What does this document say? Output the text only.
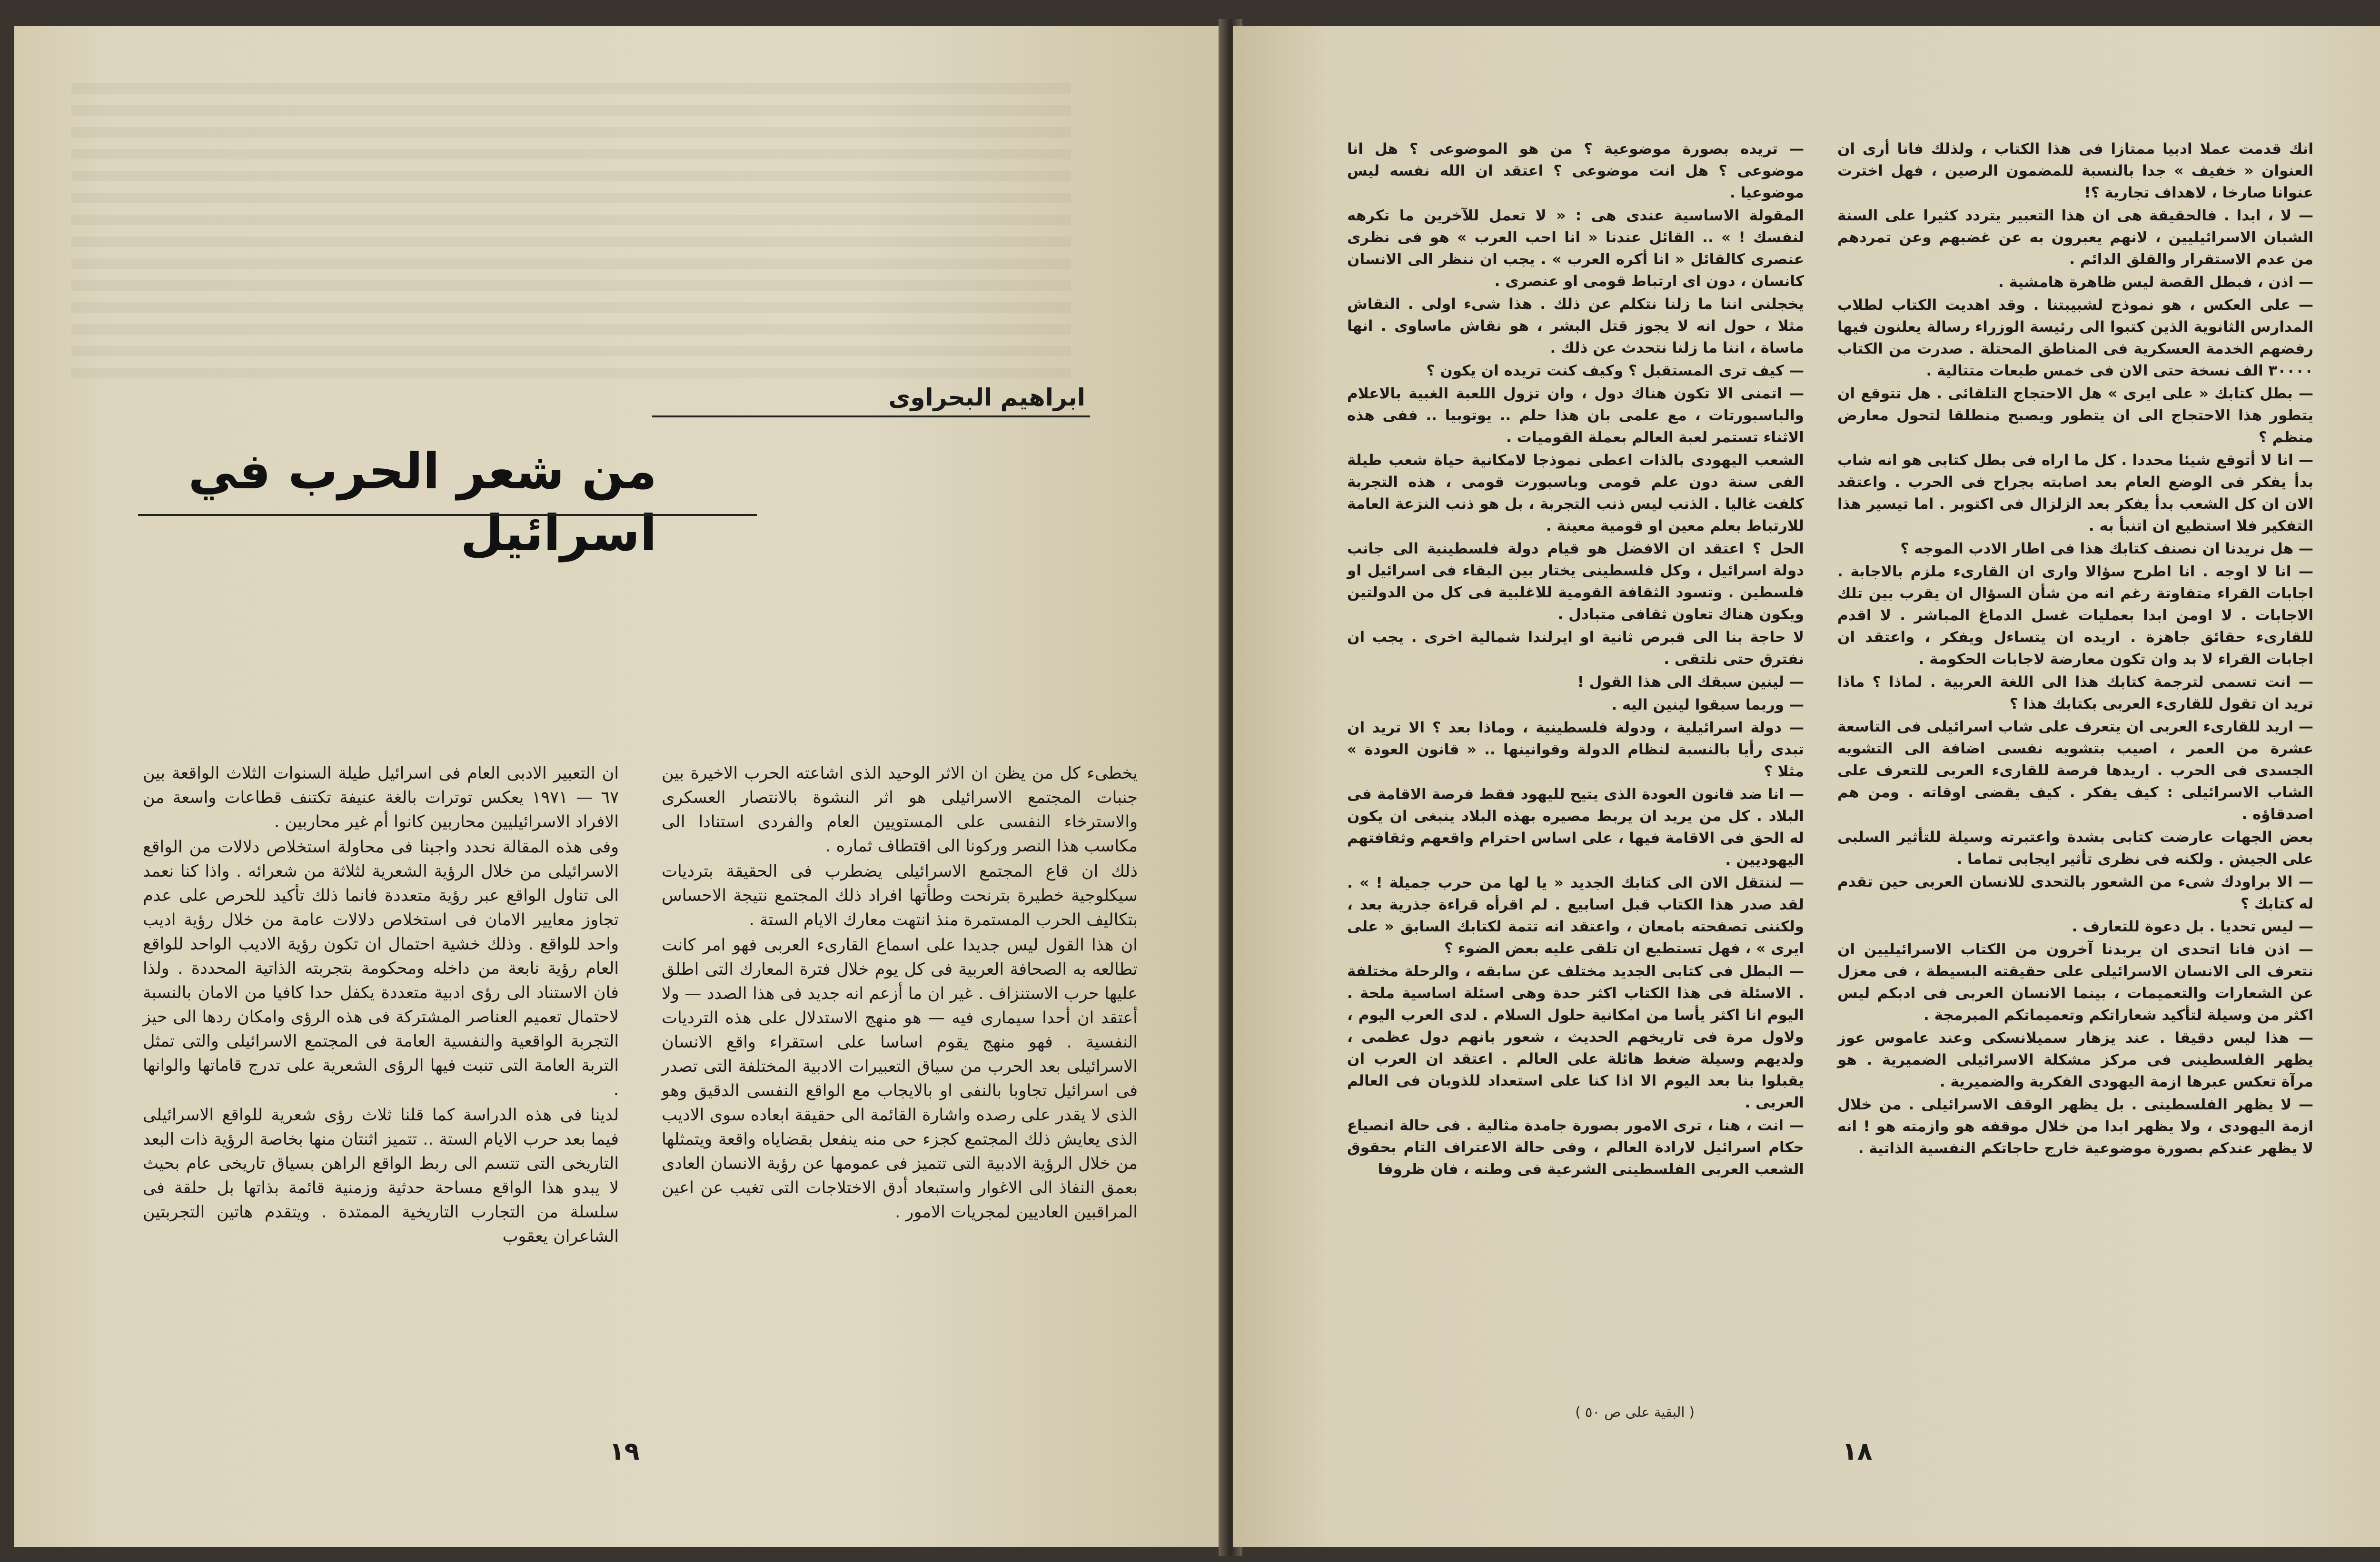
ابراهيم البحراوى
من شعر الحرب في اسرائيل

يخطىء كل من يظن ان الاثر الوحيد الذى اشاعته الحرب الاخيرة بين جنبات المجتمع الاسرائيلى هو اثر النشوة بالانتصار العسكرى والاسترخاء النفسى على المستويين العام والفردى استنادا الى مكاسب هذا النصر وركونا الى اقتطاف ثماره .

ذلك ان قاع المجتمع الاسرائيلى يضطرب فى الحقيقة بترديات سيكلوجية خطيرة بترنحت وطأتها افراد ذلك المجتمع نتيجة الاحساس بتكاليف الحرب المستمرة منذ انتهت معارك الايام الستة .

ان هذا القول ليس جديدا على اسماع القارىء العربى فهو امر كانت تطالعه به الصحافة العربية فى كل يوم خلال فترة المعارك التى اطلق عليها حرب الاستنزاف . غير ان ما أزعم انه جديد فى هذا الصدد — ولا أعتقد ان أحدا سيمارى فيه — هو منهج الاستدلال على هذه الترديات النفسية . فهو منهج يقوم اساسا على استقراء واقع الانسان الاسرائيلى بعد الحرب من سياق التعبيرات الادبية المختلفة التى تصدر فى اسرائيل تجاوبا بالنفى او بالايجاب مع الواقع النفسى الدقيق وهو الذى لا يقدر على رصده واشارة القائمة الى حقيقة ابعاده سوى الاديب الذى يعايش ذلك المجتمع كجزء حى منه ينفعل بقضاياه واقعة ويتمثلها من خلال الرؤية الادبية التى تتميز فى عمومها عن رؤية الانسان العادى بعمق النفاذ الى الاغوار واستبعاد أدق الاختلاجات التى تغيب عن اعين المراقبين العاديين لمجريات الامور .

ان التعبير الادبى العام فى اسرائيل طيلة السنوات الثلاث الواقعة بين ٦٧ — ١٩٧١ يعكس توترات بالغة عنيفة تكتنف قطاعات واسعة من الافراد الاسرائيليين محاربين كانوا أم غير محاربين .

وفى هذه المقالة نحدد واجبنا فى محاولة استخلاص دلالات من الواقع الاسرائيلى من خلال الرؤية الشعرية لثلاثة من شعرائه . واذا كنا نعمد الى تناول الواقع عبر رؤية متعددة فانما ذلك تأكيد للحرص على عدم تجاوز معايير الامان فى استخلاص دلالات عامة من خلال رؤية اديب واحد للواقع . وذلك خشية احتمال ان تكون رؤية الاديب الواحد للواقع العام رؤية نابعة من داخله ومحكومة بتجربته الذاتية المحددة . ولذا فان الاستناد الى رؤى ادبية متعددة يكفل حدا كافيا من الامان بالنسبة لاحتمال تعميم العناصر المشتركة فى هذه الرؤى وامكان ردها الى حيز التجربة الواقعية والنفسية العامة فى المجتمع الاسرائيلى والتى تمثل التربة العامة التى تنبت فيها الرؤى الشعرية على تدرج قاماتها والوانها .

لدينا فى هذه الدراسة كما قلنا ثلاث رؤى شعرية للواقع الاسرائيلى فيما بعد حرب الايام الستة .. تتميز اثنتان منها بخاصة الرؤية ذات البعد التاريخى التى تتسم الى ربط الواقع الراهن بسياق تاريخى عام بحيث لا يبدو هذا الواقع مساحة حدثية وزمنية قائمة بذاتها بل حلقة فى سلسلة من التجارب التاريخية الممتدة . ويتقدم هاتين التجربتين الشاعران يعقوب

١٩

انك قدمت عملا ادبيا ممتازا فى هذا الكتاب ، ولذلك فانا أرى ان العنوان « خفيف » جدا بالنسبة للمضمون الرصين ، فهل اخترت عنوانا صارخا ، لاهداف تجارية ؟!

— لا ، ابدا . فالحقيقة هى ان هذا التعبير يتردد كثيرا على السنة الشبان الاسرائيليين ، لانهم يعبرون به عن غضبهم وعن تمردهم من عدم الاستقرار والقلق الدائم .

— اذن ، فبطل القصة ليس ظاهرة هامشية .

— على العكس ، هو نموذج لشبيبتنا . وقد اهديت الكتاب لطلاب المدارس الثانوية الذين كتبوا الى رئيسة الوزراء رسالة يعلنون فيها رفضهم الخدمة العسكرية فى المناطق المحتلة . صدرت من الكتاب ٣٠٠٠٠ الف نسخة حتى الان فى خمس طبعات متتالية .

— بطل كتابك « على ايرى » هل الاحتجاج التلقائى . هل تتوقع ان يتطور هذا الاحتجاج الى ان يتطور ويصبح منطلقا لتحول معارض منظم ؟

— انا لا أتوقع شيئا محددا . كل ما اراه فى بطل كتابى هو انه شاب بدأ يفكر فى الوضع العام بعد اصابته بجراح فى الحرب . واعتقد الان ان كل الشعب بدأ يفكر بعد الزلزال فى اكتوبر . اما تيسير هذا التفكير فلا استطيع ان اتنبأ به .

— هل نريدنا ان نصنف كتابك هذا فى اطار الادب الموجه ؟

— انا لا اوجه . انا اطرح سؤالا وارى ان القارىء ملزم بالاجابة . اجابات القراء متفاوتة رغم انه من شأن السؤال ان يقرب بين تلك الاجابات . لا اومن ابدا بعمليات غسل الدماغ المباشر . لا اقدم للقارىء حقائق جاهزة . اريده ان يتساءل ويفكر ، واعتقد ان اجابات القراء لا بد وان تكون معارضة لاجابات الحكومة .

— انت تسمى لترجمة كتابك هذا الى اللغة العربية . لماذا ؟ ماذا تريد ان تقول للقارىء العربى بكتابك هذا ؟

— اريد للقارىء العربى ان يتعرف على شاب اسرائيلى فى التاسعة عشرة من العمر ، اصيب بتشويه نفسى اضافة الى التشويه الجسدى فى الحرب . اريدها فرصة للقارىء العربى للتعرف على الشاب الاسرائيلى : كيف يفكر . كيف يقضى اوقاته . ومن هم اصدقاؤه .

بعض الجهات عارضت كتابى بشدة واعتبرته وسيلة للتأثير السلبى على الجيش . ولكنه فى نظرى تأثير ايجابى تماما .

— الا براودك شىء من الشعور بالتحدى للانسان العربى حين تقدم له كتابك ؟

— ليس تحديا . بل دعوة للتعارف .

— اذن فانا اتحدى ان يربدنا آخرون من الكتاب الاسرائيليين ان نتعرف الى الانسان الاسرائيلى على حقيقته البسيطة ، فى معزل عن الشعارات والتعميمات ، بينما الانسان العربى فى ادبكم ليس اكثر من وسيلة لتأكيد شعاراتكم وتعميماتكم المبرمجة .

— هذا ليس دقيقا . عند يزهار سميلانسكى وعند عاموس عوز يظهر الفلسطينى فى مركز مشكلة الاسرائيلى الضميرية . هو مرآة تعكس عبرها ازمة اليهودى الفكرية والضميرية .

— لا يظهر الفلسطينى . بل يظهر الوقف الاسرائيلى . من خلال ازمة اليهودى ، ولا يظهر ابدا من خلال موقفه هو وازمته هو ! انه لا يظهر عندكم بصورة موضوعية خارج حاجاتكم النفسية الذاتية .

— تريده بصورة موضوعية ؟ من هو الموضوعى ؟ هل انا موضوعى ؟ هل انت موضوعى ؟ اعتقد ان الله نفسه ليس موضوعيا .

المقولة الاساسية عندى هى : « لا تعمل للآخرين ما تكرهه لنفسك ! » .. القائل عندنا « انا احب العرب » هو فى نظرى عنصرى كالقائل « انا أكره العرب » . يجب ان ننظر الى الانسان كانسان ، دون اى ارتباط قومى او عنصرى .

يخجلنى اننا ما زلنا نتكلم عن ذلك . هذا شىء اولى . النقاش مثلا ، حول انه لا يجوز قتل البشر ، هو نقاش ماساوى . انها ماساة ، اننا ما زلنا نتحدث عن ذلك .

— كيف ترى المستقبل ؟ وكيف كنت تريده ان يكون ؟

— اتمنى الا تكون هناك دول ، وان تزول اللعبة الغبية بالاعلام والباسبورتات ، مع علمى بان هذا حلم .. يوتوبيا .. ففى هذه الاثناء تستمر لعبة العالم بعملة القوميات .

الشعب اليهودى بالذات اعطى نموذجا لامكانية حياة شعب طيلة الفى سنة دون علم قومى وباسبورت قومى ، هذه التجربة كلفت غاليا . الذنب ليس ذنب التجربة ، بل هو ذنب النزعة العامة للارتباط بعلم معين او قومية معينة .

الحل ؟ اعتقد ان الافضل هو قيام دولة فلسطينية الى جانب دولة اسرائيل ، وكل فلسطينى يختار بين البقاء فى اسرائيل او فلسطين . وتسود الثقافة القومية للاغلبية فى كل من الدولتين ويكون هناك تعاون ثقافى متبادل .

لا حاجة بنا الى قبرص ثانية او ايرلندا شمالية اخرى . يجب ان نفترق حتى نلتقى .

— لينين سبقك الى هذا القول !

— وربما سبقوا لينين اليه .

— دولة اسرائيلية ، ودولة فلسطينية ، وماذا بعد ؟ الا تريد ان تبدى رأيا بالنسبة لنظام الدولة وقوانينها .. « قانون العودة » مثلا ؟

— انا ضد قانون العودة الذى يتيح لليهود فقط فرصة الاقامة فى البلاد . كل من يريد ان يربط مصيره بهذه البلاد ينبغى ان يكون له الحق فى الاقامة فيها ، على اساس احترام واقعهم وثقافتهم اليهوديين .

— لننتقل الان الى كتابك الجديد « يا لها من حرب جميلة ! » . لقد صدر هذا الكتاب قبل اسابيع . لم اقرأه قراءة جذرية بعد ، ولكننى تصفحته بامعان ، واعتقد انه تتمة لكتابك السابق « على ايرى » ، فهل تستطيع ان تلقى عليه بعض الضوء ؟

— البطل فى كتابى الجديد مختلف عن سابقه ، والرحلة مختلفة . الاسئلة فى هذا الكتاب اكثر حدة وهى اسئلة اساسية ملحة . اليوم انا اكثر يأسا من امكانية حلول السلام . لدى العرب اليوم ، ولاول مرة فى تاريخهم الحديث ، شعور بانهم دول عظمى ، ولديهم وسيلة ضغط هائلة على العالم . اعتقد ان العرب ان يقبلوا بنا بعد اليوم الا اذا كنا على استعداد للذوبان فى العالم العربى .

— انت ، هنا ، ترى الامور بصورة جامدة مثالية . فى حالة انصياع حكام اسرائيل لارادة العالم ، وفى حالة الاعتراف التام بحقوق الشعب العربى الفلسطينى الشرعية فى وطنه ، فان ظروفا

( البقية على ص ٥٠ )
١٨
